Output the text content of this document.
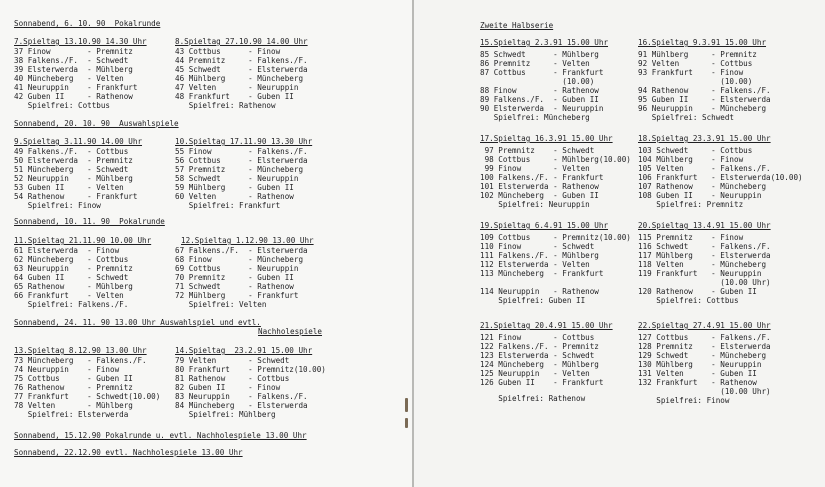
Sonnabend, 6. 10. 90  Pokalrunde
7.Spieltag 13.10.90 14.30 Uhr
37 Finow        - Premnitz
38 Falkens./F.  - Schwedt
39 Elsterwerda  - Mühlberg
40 Müncheberg   - Velten
41 Neuruppin    - Frankfurt
42 Guben II     - Rathenow
Spielfrei: Cottbus
8.Spieltag 27.10.90 14.00 Uhr
43 Cottbus      - Finow
44 Premnitz     - Falkens./F.
45 Schwedt      - Elsterwerda
46 Mühlberg     - Müncheberg
47 Velten       - Neuruppin
48 Frankfurt    - Guben II
Spielfrei: Rathenow
Sonnabend, 20. 10. 90  Auswahlspiele
9.Spieltag 3.11.90 14.00 Uhr
49 Falkens./F.  - Cottbus
50 Elsterwerda  - Premnitz
51 Müncheberg   - Schwedt
52 Neuruppin    - Mühlberg
53 Guben II     - Velten
54 Rathenow     - Frankfurt
Spielfrei: Finow
10.Spieltag 17.11.90 13.30 Uhr
55 Finow        - Falkens./F.
56 Cottbus      - Elsterwerda
57 Premnitz     - Müncheberg
58 Schwedt      - Neuruppin
59 Mühlberg     - Guben II
60 Velten       - Rathenow
Spielfrei: Frankfurt
Sonnabend, 10. 11. 90  Pokalrunde
11.Spieltag 21.11.90 10.00 Uhr
61 Elsterwerda  - Finow
62 Müncheberg   - Cottbus
63 Neuruppin    - Premnitz
64 Guben II     - Schwedt
65 Rathenow     - Mühlberg
66 Frankfurt    - Velten
Spielfrei: Falkens./F.
12.Spieltag 1.12.90 13.00 Uhr
67 Falkens./F.  - Elsterwerda
68 Finow        - Müncheberg
69 Cottbus      - Neuruppin
70 Premnitz     - Guben II
71 Schwedt      - Rathenow
72 Mühlberg     - Frankfurt
Spielfrei: Velten
Sonnabend, 24. 11. 90 13.00 Uhr Auswahlspiel und evtl.
Nachholespiele
13.Spieltag 8.12.90 13.00 Uhr
73 Müncheberg   - Falkens./F.
74 Neuruppin    - Finow
75 Cottbus      - Guben II
76 Rathenow     - Premnitz
77 Frankfurt    - Schwedt(10.00)
78 Velten       - Mühlberg
Spielfrei: Elsterwerda
14.Spieltag  23.2.91 15.00 Uhr
79 Velten       - Schwedt
80 Frankfurt    - Premnitz(10.00)
81 Rathenow     - Cottbus
82 Guben II     - Finow
83 Neuruppin    - Falkens./F.
84 Müncheberg   - Elsterwerda
Spielfrei: Mühlberg
Sonnabend, 15.12.90 Pokalrunde u. evtl. Nachholespiele 13.00 Uhr
Sonnabend, 22.12.90 evtl. Nachholespiele 13.00 Uhr
Zweite Halbserie
15.Spieltag 2.3.91 15.00 Uhr
85 Schwedt      - Mühlberg
86 Premnitz     - Velten
87 Cottbus      - Frankfurt
(10.00)
88 Finow        - Rathenow
89 Falkens./F.  - Guben II
90 Elsterwerda  - Neuruppin
Spielfrei: Müncheberg
16.Spieltag 9.3.91 15.00 Uhr
91 Mühlberg     - Premnitz
92 Velten       - Cottbus
93 Frankfurt    - Finow
(10.00)
94 Rathenow     - Falkens./F.
95 Guben II     - Elsterwerda
96 Neuruppin    - Müncheberg
Spielfrei: Schwedt
17.Spieltag 16.3.91 15.00 Uhr
97 Premnitz    - Schwedt
98 Cottbus     - Mühlberg(10.00)
99 Finow       - Velten
100 Falkens./F. - Frankfurt
101 Elsterwerda - Rathenow
102 Müncheberg  - Guben II
Spielfrei: Neuruppin
18.Spieltag 23.3.91 15.00 Uhr
103 Schwedt     - Cottbus
104 Mühlberg    - Finow
105 Velten      - Falkens./F.
106 Frankfurt   - Elsterwerda(10.00)
107 Rathenow    - Müncheberg
108 Guben II    - Neuruppin
Spielfrei: Premnitz
19.Spieltag 6.4.91 15.00 Uhr
109 Cottbus     - Premnitz(10.00)
110 Finow       - Schwedt
111 Falkens./F. - Mühlberg
112 Elsterwerda - Velten
113 Müncheberg  - Frankfurt
114 Neuruppin   - Rathenow
Spielfrei: Guben II
20.Spieltag 13.4.91 15.00 Uhr
115 Premnitz    - Finow
116 Schwedt     - Falkens./F.
117 Mühlberg    - Elsterwerda
118 Velten      - Müncheberg
119 Frankfurt   - Neuruppin
(10.00 Uhr)
120 Rathenow    - Guben II
Spielfrei: Cottbus
21.Spieltag 20.4.91 15.00 Uhr
121 Finow       - Cottbus
122 Falkens./F. - Premnitz
123 Elsterwerda - Schwedt
124 Müncheberg  - Mühlberg
125 Neuruppin   - Velten
126 Guben II    - Frankfurt
Spielfrei: Rathenow
22.Spieltag 27.4.91 15.00 Uhr
127 Cottbus     - Falkens./F.
128 Premnitz    - Elsterwerda
129 Schwedt     - Müncheberg
130 Mühlberg    - Neuruppin
131 Velten      - Guben II
132 Frankfurt   - Rathenow
(10.00 Uhr)
Spielfrei: Finow
